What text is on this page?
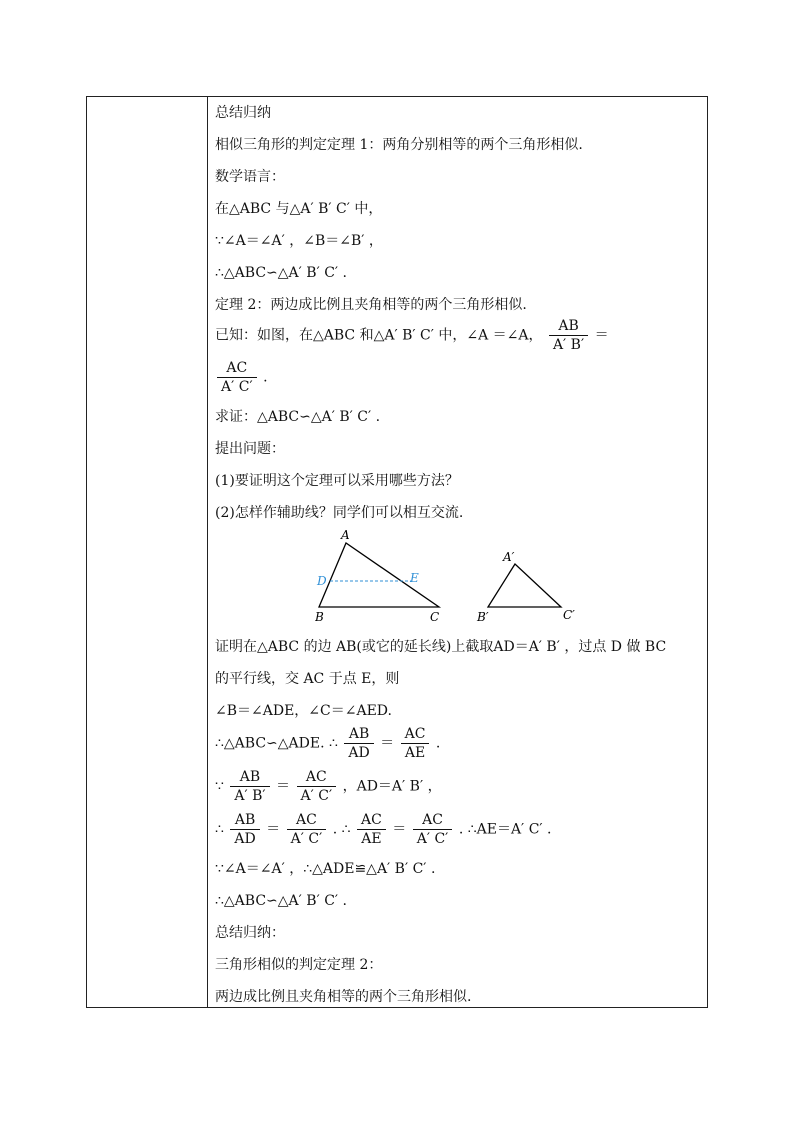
总结归纳
相似三角形的判定定理 1：两角分别相等的两个三角形相似.
数学语言：
在△ABC 与△A′ B′ C′ 中，
∵∠A＝∠A′ ，∠B＝∠B′ ，
∴△ABC∽△A′ B′ C′ .
定理 2：两边成比例且夹角相等的两个三角形相似.
已知：如图，在△ABC 和△A′ B′ C′ 中，∠A ＝∠A， $\frac{AB}{A' B'}$ ＝
$\frac{AC}{A' C'}$ .
求证：△ABC∽△A′ B′ C′ .
提出问题：
(1)要证明这个定理可以采用哪些方法？
(2)怎样作辅助线？同学们可以相互交流.
A
D	E
B	C
A′
B′	C′
证明在△ABC 的边 AB(或它的延长线)上截取AD＝A′ B′ ，过点 D 做 BC
的平行线，交 AC 于点 E，则
∠B＝∠ADE，∠C＝∠AED.
∴△ABC∽△ADE. ∴ $\frac{AB}{AD} = \frac{AC}{AE}$ .
∵ $\frac{AB}{A' B'} = \frac{AC}{A' C'}$ ，AD＝A′ B′ ，
∴ $\frac{AB}{AD} = \frac{AC}{A' C'}$ . ∴ $\frac{AC}{AE} = \frac{AC}{A' C'}$ . ∴AE＝A′ C′ .
∵∠A＝∠A′ ，∴△ADE≌△A′ B′ C′ .
∴△ABC∽△A′ B′ C′ .
总结归纳：
三角形相似的判定定理 2：
两边成比例且夹角相等的两个三角形相似.
